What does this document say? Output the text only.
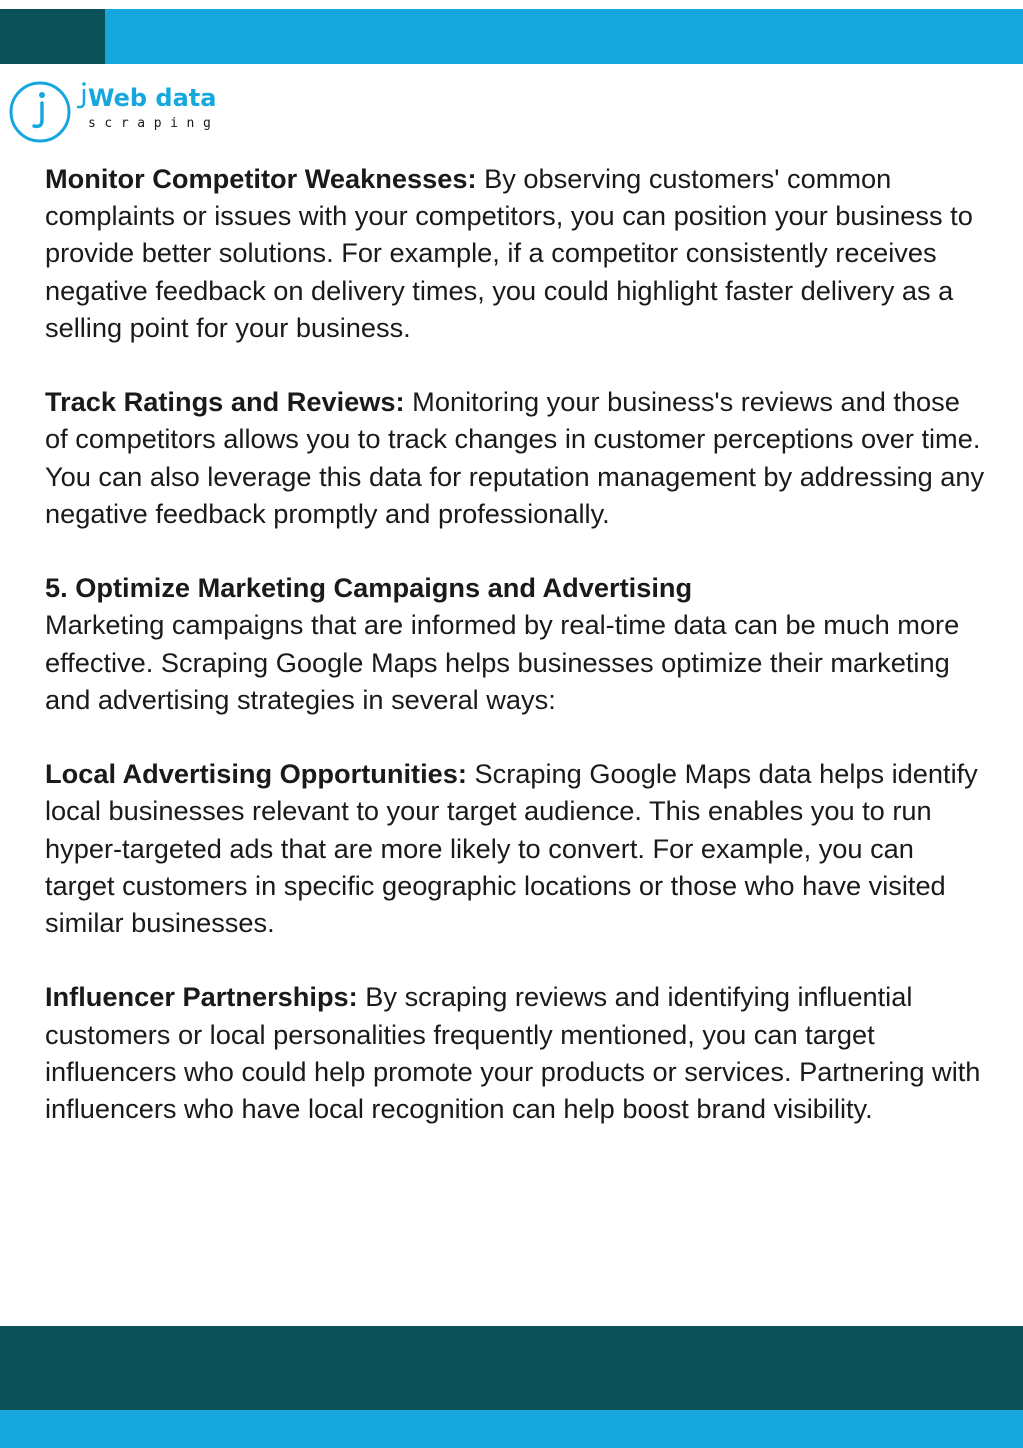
Web data
scraping

Monitor Competitor Weaknesses: By observing customers' common complaints or issues with your competitors, you can position your business to provide better solutions. For example, if a competitor consistently receives negative feedback on delivery times, you could highlight faster delivery as a selling point for your business.

Track Ratings and Reviews: Monitoring your business's reviews and those of competitors allows you to track changes in customer perceptions over time. You can also leverage this data for reputation management by addressing any negative feedback promptly and professionally.

5. Optimize Marketing Campaigns and Advertising
Marketing campaigns that are informed by real-time data can be much more effective. Scraping Google Maps helps businesses optimize their marketing and advertising strategies in several ways:

Local Advertising Opportunities: Scraping Google Maps data helps identify local businesses relevant to your target audience. This enables you to run hyper-targeted ads that are more likely to convert. For example, you can target customers in specific geographic locations or those who have visited similar businesses.

Influencer Partnerships: By scraping reviews and identifying influential customers or local personalities frequently mentioned, you can target influencers who could help promote your products or services. Partnering with influencers who have local recognition can help boost brand visibility.
